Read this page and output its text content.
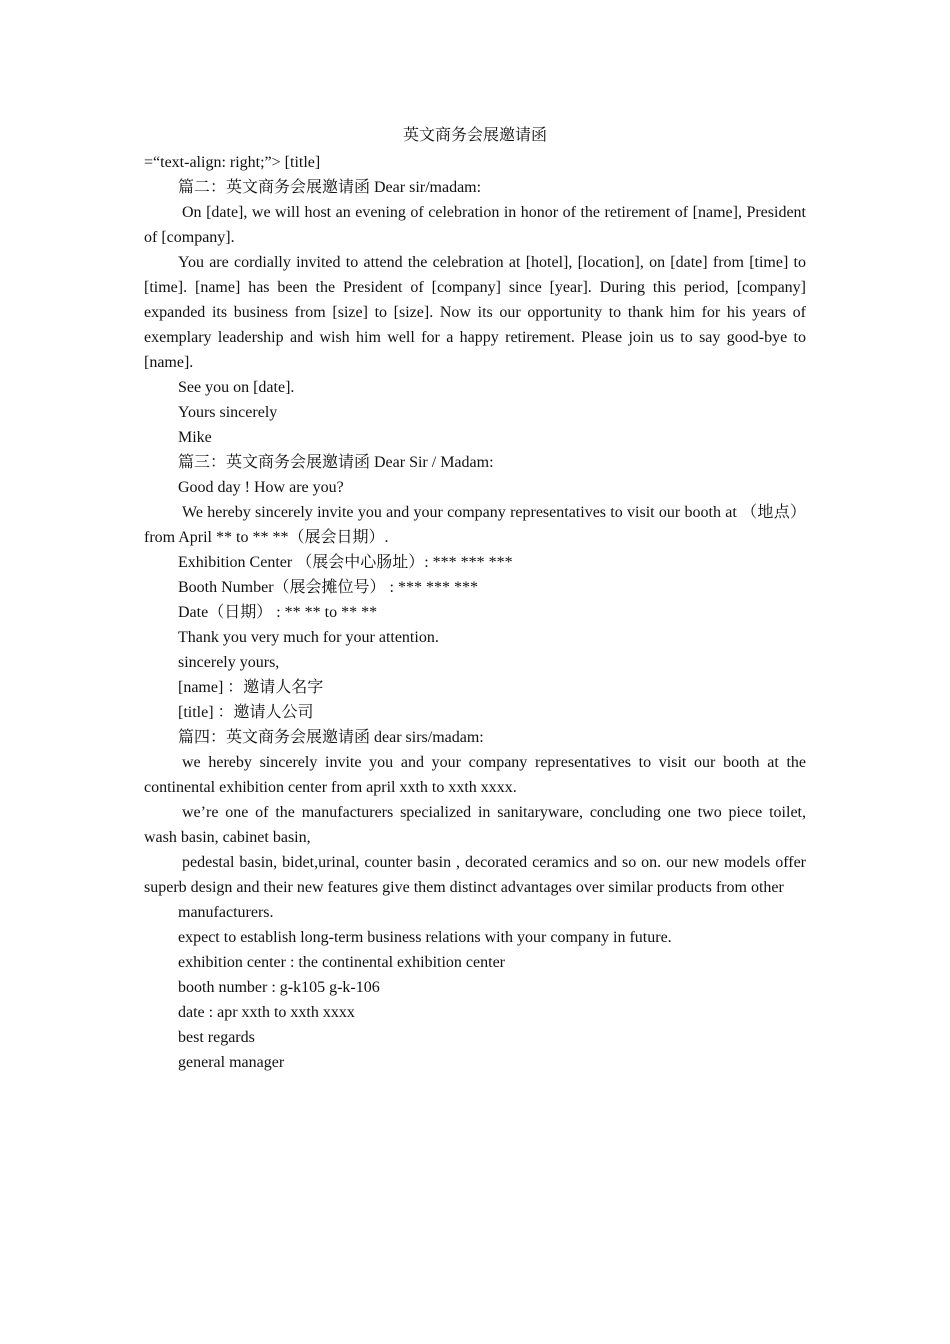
英文商务会展邀请函

=“text-align: right;”> [title]

篇二：英文商务会展邀请函 Dear sir/madam:

On [date], we will host an evening of celebration in honor of the retirement of [name], President of [company].

You are cordially invited to attend the celebration at [hotel], [location], on [date] from [time] to [time]. [name] has been the President of [company] since [year]. During this period, [company] expanded its business from [size] to [size]. Now its our opportunity to thank him for his years of exemplary leadership and wish him well for a happy retirement. Please join us to say good-bye to [name].

See you on [date].

Yours sincerely

Mike

篇三：英文商务会展邀请函 Dear Sir / Madam:

Good day ! How are you?

We hereby sincerely invite you and your company representatives to visit our booth at （地点） from April ** to ** **（展会日期）.

Exhibition Center （展会中心肠址）: *** *** ***

Booth Number（展会摊位号） : *** *** ***

Date（日期） : ** ** to ** **

Thank you very much for your attention.

sincerely yours,

[name] ：邀请人名字

[title] ：邀请人公司

篇四：英文商务会展邀请函 dear sirs/madam:

we hereby sincerely invite you and your company representatives to visit our booth at the continental exhibition center from april xxth to xxth xxxx.

we’re one of the manufacturers specialized in sanitaryware, concluding one two piece toilet, wash basin, cabinet basin,

pedestal basin, bidet,urinal, counter basin , decorated ceramics and so on. our new models offer superb design and their new features give them distinct advantages over similar products from other

manufacturers.

expect to establish long-term business relations with your company in future.

exhibition center : the continental exhibition center

booth number : g-k105 g-k-106

date : apr xxth to xxth xxxx

best regards

general manager
